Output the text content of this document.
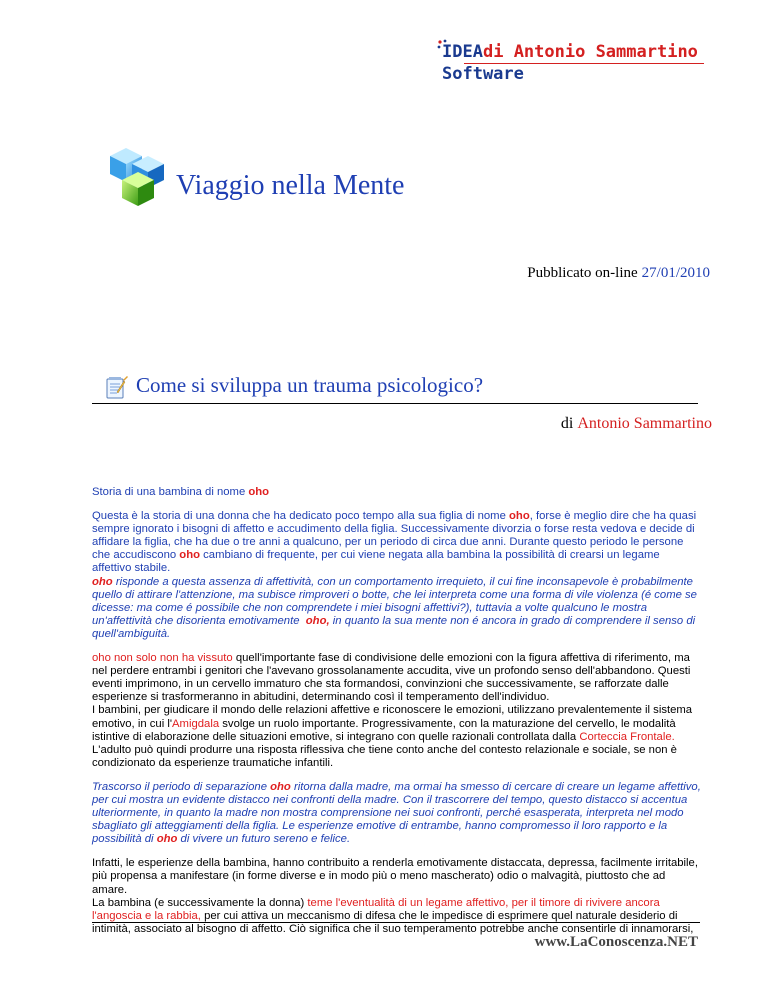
IDEAdi Antonio Sammartino
Software
Viaggio nella Mente
Pubblicato on-line 27/01/2010
Come si sviluppa un trauma psicologico?
di Antonio Sammartino

Storia di una bambina di nome oho

Questa è la storia di una donna che ha dedicato poco tempo alla sua figlia di nome oho, forse è meglio dire che ha quasi sempre ignorato i bisogni di affetto e accudimento della figlia. Successivamente divorzia o forse resta vedova e decide di affidare la figlia, che ha due o tre anni a qualcuno, per un periodo di circa due anni. Durante questo periodo le persone che accudiscono oho cambiano di frequente, per cui viene negata alla bambina la possibilità di crearsi un legame affettivo stabile.
oho risponde a questa assenza di affettività, con un comportamento irrequieto, il cui fine inconsapevole è probabilmente quello di attirare l'attenzione, ma subisce rimproveri o botte, che lei interpreta come una forma di vile violenza (é come se dicesse: ma come é possibile che non comprendete i miei bisogni affettivi?), tuttavia a volte qualcuno le mostra un'affettività che disorienta emotivamente oho, in quanto la sua mente non é ancora in grado di comprendere il senso di quell'ambiguità.

oho non solo non ha vissuto quell'importante fase di condivisione delle emozioni con la figura affettiva di riferimento, ma nel perdere entrambi i genitori che l'avevano grossolanamente accudita, vive un profondo senso dell'abbandono. Questi eventi imprimono, in un cervello immaturo che sta formandosi, convinzioni che successivamente, se rafforzate dalle esperienze si trasformeranno in abitudini, determinando così il temperamento dell'individuo.
I bambini, per giudicare il mondo delle relazioni affettive e riconoscere le emozioni, utilizzano prevalentemente il sistema emotivo, in cui l'Amigdala svolge un ruolo importante. Progressivamente, con la maturazione del cervello, le modalità istintive di elaborazione delle situazioni emotive, si integrano con quelle razionali controllata dalla Corteccia Frontale.
L'adulto può quindi produrre una risposta riflessiva che tiene conto anche del contesto relazionale e sociale, se non è condizionato da esperienze traumatiche infantili.

Trascorso il periodo di separazione oho ritorna dalla madre, ma ormai ha smesso di cercare di creare un legame affettivo, per cui mostra un evidente distacco nei confronti della madre. Con il trascorrere del tempo, questo distacco si accentua ulteriormente, in quanto la madre non mostra comprensione nei suoi confronti, perché esasperata, interpreta nel modo sbagliato gli atteggiamenti della figlia. Le esperienze emotive di entrambe, hanno compromesso il loro rapporto e la possibilità di oho di vivere un futuro sereno e felice.

Infatti, le esperienze della bambina, hanno contribuito a renderla emotivamente distaccata, depressa, facilmente irritabile, più propensa a manifestare (in forme diverse e in modo più o meno mascherato) odio o malvagità, piuttosto che ad amare.
La bambina (e successivamente la donna) teme l'eventualità di un legame affettivo, per il timore di rivivere ancora l'angoscia e la rabbia, per cui attiva un meccanismo di difesa che le impedisce di esprimere quel naturale desiderio di intimità, associato al bisogno di affetto. Ciò significa che il suo temperamento potrebbe anche consentirle di innamorarsi,

www.LaConoscenza.NET
